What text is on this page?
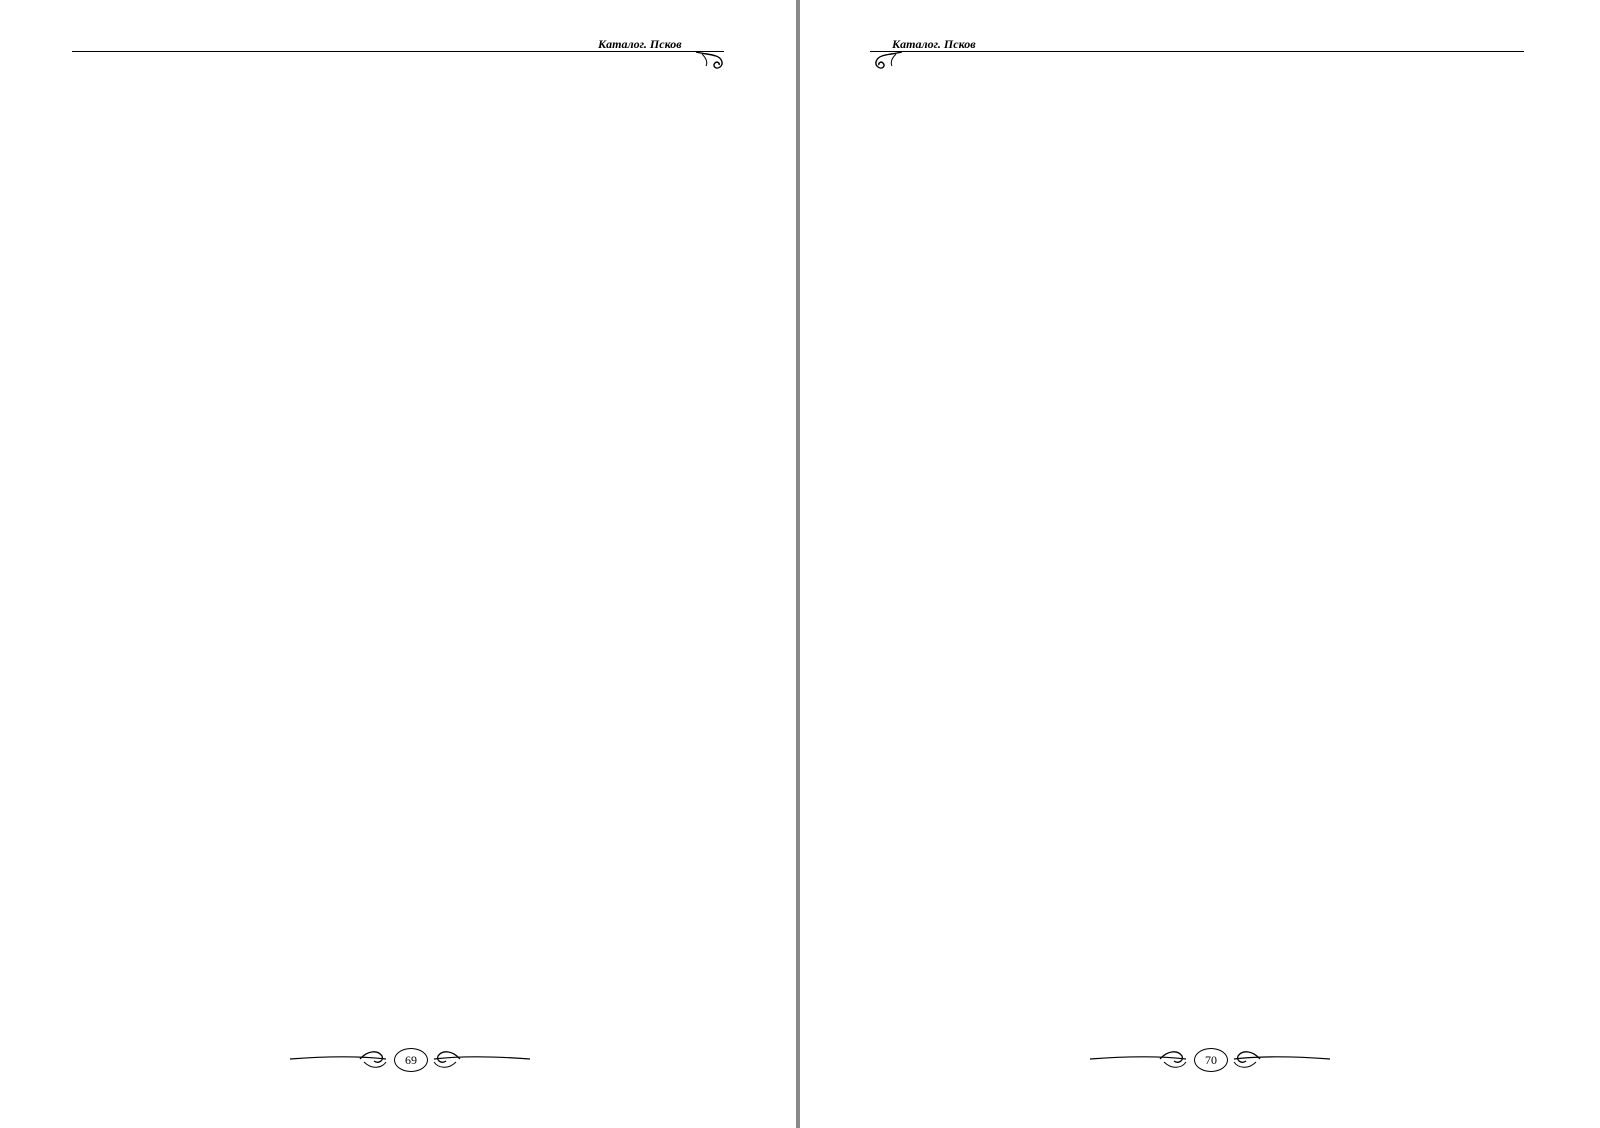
Каталог. Псков
69
Каталог. Псков
70
